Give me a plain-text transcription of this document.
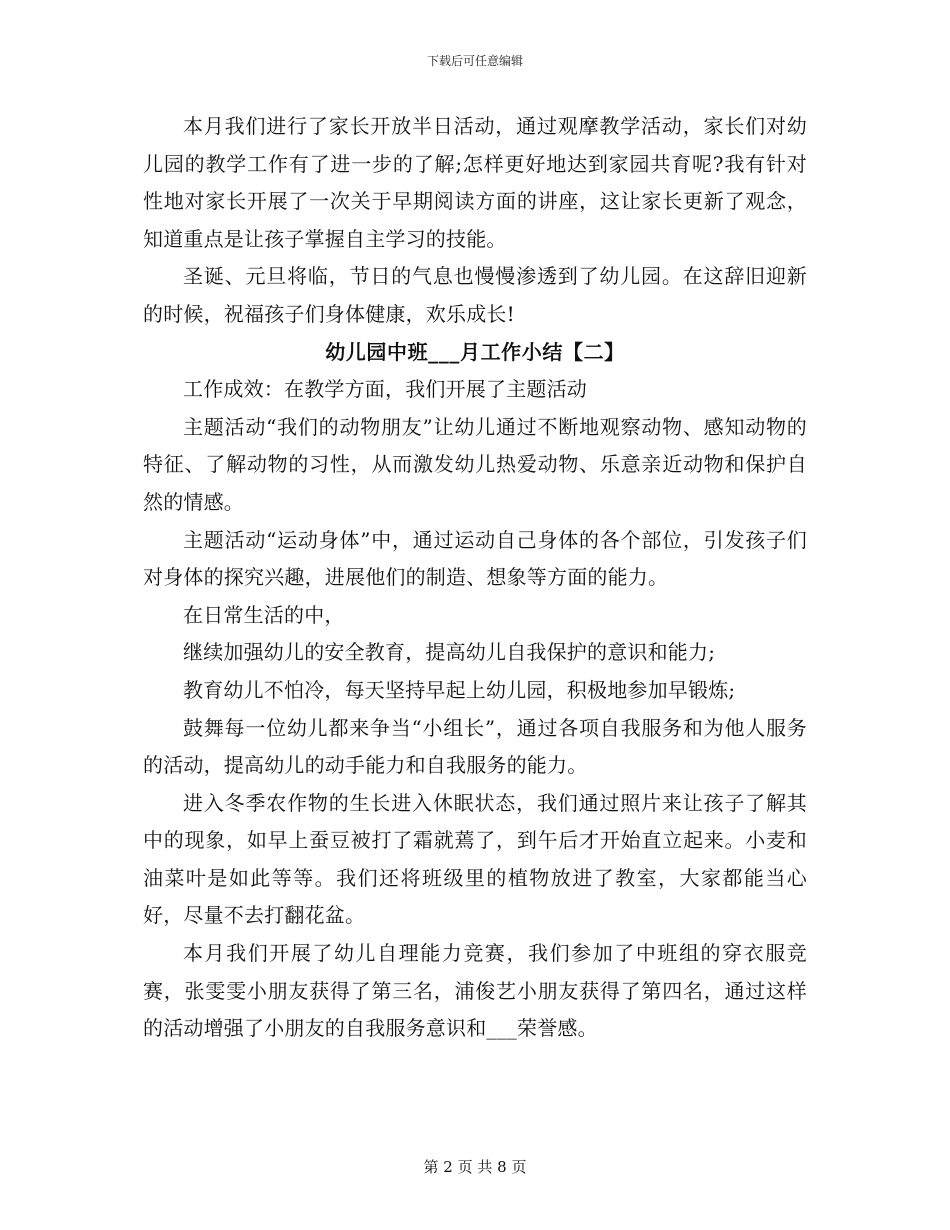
下载后可任意编辑

本月我们进行了家长开放半日活动，通过观摩教学活动，家长们对幼儿园的教学工作有了进一步的了解;怎样更好地达到家园共育呢?我有针对性地对家长开展了一次关于早期阅读方面的讲座，这让家长更新了观念，知道重点是让孩子掌握自主学习的技能。

圣诞、元旦将临，节日的气息也慢慢渗透到了幼儿园。在这辞旧迎新的时候，祝福孩子们身体健康，欢乐成长!

幼儿园中班___月工作小结【二】

工作成效：在教学方面，我们开展了主题活动

主题活动“我们的动物朋友”让幼儿通过不断地观察动物、感知动物的特征、了解动物的习性，从而激发幼儿热爱动物、乐意亲近动物和保护自然的情感。

主题活动“运动身体”中，通过运动自己身体的各个部位，引发孩子们对身体的探究兴趣，进展他们的制造、想象等方面的能力。

在日常生活的中，

继续加强幼儿的安全教育，提高幼儿自我保护的意识和能力;

教育幼儿不怕冷，每天坚持早起上幼儿园，积极地参加早锻炼;

鼓舞每一位幼儿都来争当“小组长”，通过各项自我服务和为他人服务的活动，提高幼儿的动手能力和自我服务的能力。

进入冬季农作物的生长进入休眠状态，我们通过照片来让孩子了解其中的现象，如早上蚕豆被打了霜就蔫了，到午后才开始直立起来。小麦和油菜叶是如此等等。我们还将班级里的植物放进了教室，大家都能当心好，尽量不去打翻花盆。

本月我们开展了幼儿自理能力竞赛，我们参加了中班组的穿衣服竞赛，张雯雯小朋友获得了第三名，浦俊艺小朋友获得了第四名，通过这样的活动增强了小朋友的自我服务意识和___荣誉感。

第 2 页 共 8 页
